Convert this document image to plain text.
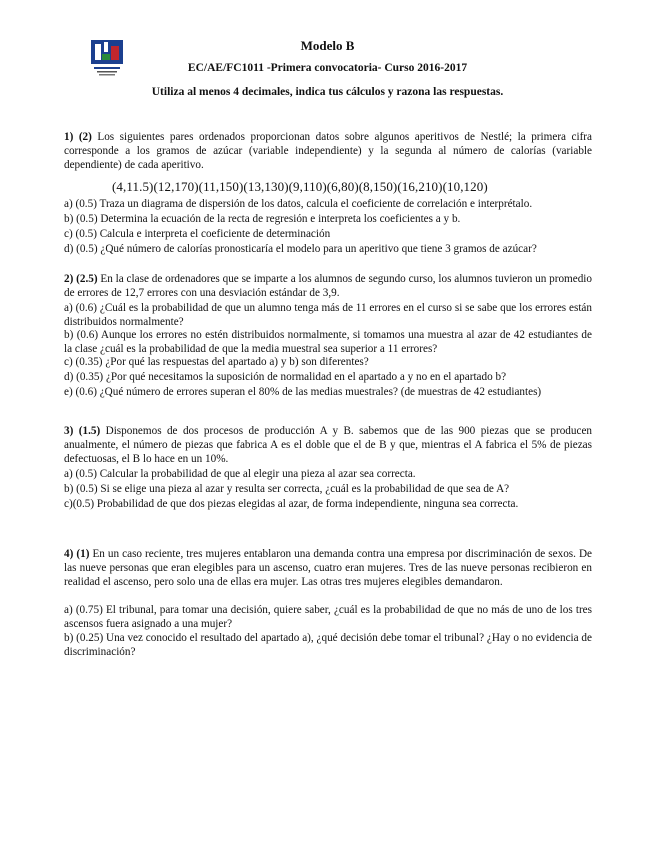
Modelo B
EC/AE/FC1011 -Primera convocatoria- Curso 2016-2017
Utiliza al menos 4 decimales, indica tus cálculos y razona las respuestas.
1) (2) Los siguientes pares ordenados proporcionan datos sobre algunos aperitivos de Nestlé; la primera cifra corresponde a los gramos de azúcar (variable independiente) y la segunda al número de calorías (variable dependiente) de cada aperitivo.
(4,11.5)(12,170)(11,150)(13,130)(9,110)(6,80)(8,150)(16,210)(10,120)
a) (0.5) Traza un diagrama de dispersión de los datos, calcula el coeficiente de correlación e interprétalo.
b) (0.5) Determina la ecuación de la recta de regresión e interpreta los coeficientes a y b.
c) (0.5) Calcula e interpreta el coeficiente de determinación
d) (0.5) ¿Qué número de calorías pronosticaría el modelo para un aperitivo que tiene 3 gramos de azúcar?
2) (2.5) En la clase de ordenadores que se imparte a los alumnos de segundo curso, los alumnos tuvieron un promedio de errores de 12,7 errores con una desviación estándar de 3,9.
a) (0.6) ¿Cuál es la probabilidad de que un alumno tenga más de 11 errores en el curso si se sabe que los errores están distribuidos normalmente?
b) (0.6) Aunque los errores no estén distribuidos normalmente, si tomamos una muestra al azar de 42 estudiantes de la clase ¿cuál es la probabilidad de que la media muestral sea superior a 11 errores?
c) (0.35) ¿Por qué las respuestas del apartado a) y b) son diferentes?
d) (0.35) ¿Por qué necesitamos la suposición de normalidad en el apartado a y no en el apartado b?
e) (0.6) ¿Qué número de errores superan el 80% de las medias muestrales? (de muestras de 42 estudiantes)
3) (1.5) Disponemos de dos procesos de producción A y B. sabemos que de las 900 piezas que se producen anualmente, el número de piezas que fabrica A es el doble que el de B y que, mientras el A fabrica el 5% de piezas defectuosas, el B lo hace en un 10%.
a) (0.5) Calcular la probabilidad de que al elegir una pieza al azar sea correcta.
b) (0.5) Si se elige una pieza al azar y resulta ser correcta, ¿cuál es la probabilidad de que sea de A?
c)(0.5) Probabilidad de que dos piezas elegidas al azar, de forma independiente, ninguna sea correcta.
4) (1) En un caso reciente, tres mujeres entablaron una demanda contra una empresa por discriminación de sexos. De las nueve personas que eran elegibles para un ascenso, cuatro eran mujeres. Tres de las nueve personas recibieron en realidad el ascenso, pero solo una de ellas era mujer. Las otras tres mujeres elegibles demandaron.
a) (0.75) El tribunal, para tomar una decisión, quiere saber, ¿cuál es la probabilidad de que no más de uno de los tres ascensos fuera asignado a una mujer?
b) (0.25) Una vez conocido el resultado del apartado a), ¿qué decisión debe tomar el tribunal? ¿Hay o no evidencia de discriminación?
